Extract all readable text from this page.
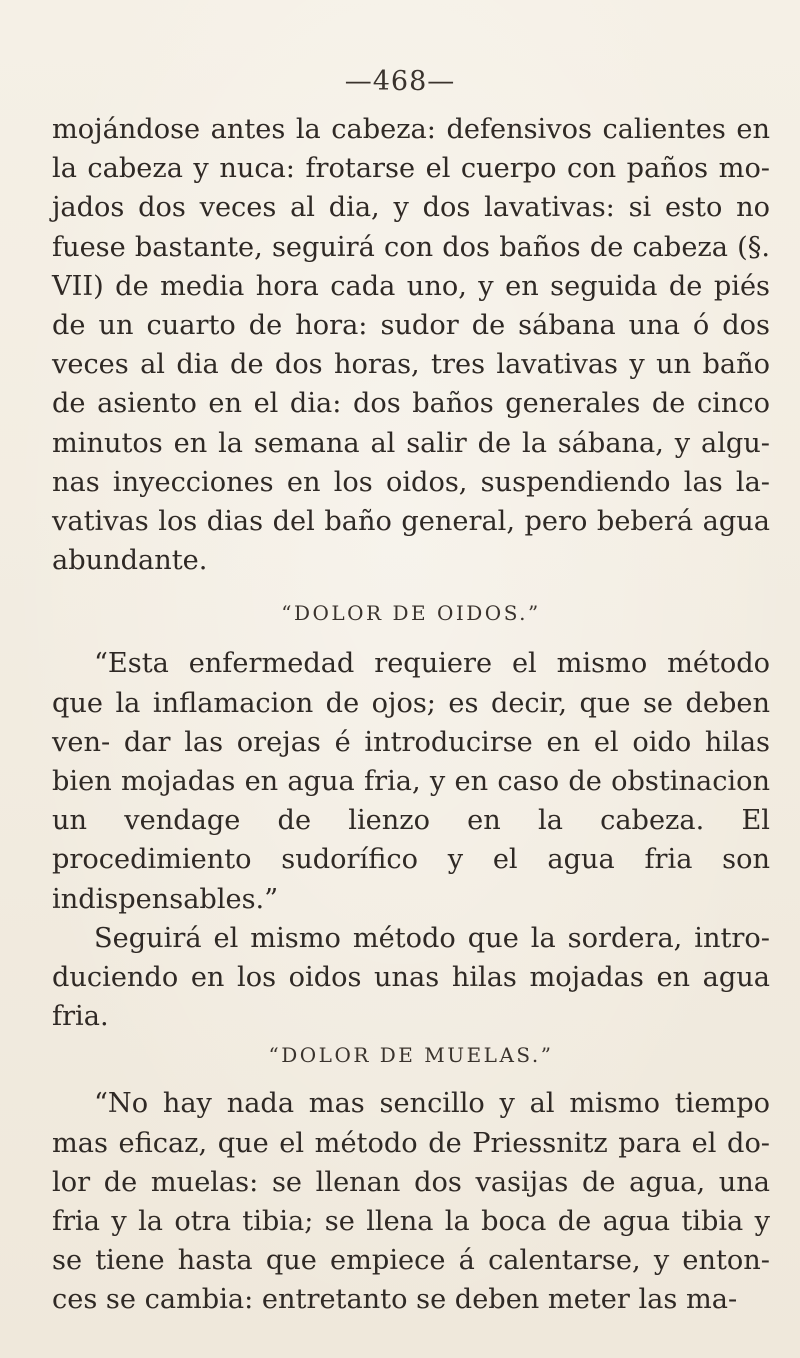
—468—

mojándose antes la cabeza: defensivos calientes en la cabeza y nuca: frotarse el cuerpo con paños mo- jados dos veces al dia, y dos lavativas: si esto no fuese bastante, seguirá con dos baños de cabeza (§. VII) de media hora cada uno, y en seguida de piés de un cuarto de hora: sudor de sábana una ó dos veces al dia de dos horas, tres lavativas y un baño de asiento en el dia: dos baños generales de cinco minutos en la semana al salir de la sábana, y algu- nas inyecciones en los oidos, suspendiendo las la- vativas los dias del baño general, pero beberá agua abundante.

“DOLOR DE OIDOS.”

“Esta enfermedad requiere el mismo método que la inflamacion de ojos; es decir, que se deben ven- dar las orejas é introducirse en el oido hilas bien mojadas en agua fria, y en caso de obstinacion un vendage de lienzo en la cabeza. El procedimiento sudorífico y el agua fria son indispensables.”

Seguirá el mismo método que la sordera, intro- duciendo en los oidos unas hilas mojadas en agua fria.

“DOLOR DE MUELAS.”

“No hay nada mas sencillo y al mismo tiempo mas eficaz, que el método de Priessnitz para el do- lor de muelas: se llenan dos vasijas de agua, una fria y la otra tibia; se llena la boca de agua tibia y se tiene hasta que empiece á calentarse, y enton- ces se cambia: entretanto se deben meter las ma-
